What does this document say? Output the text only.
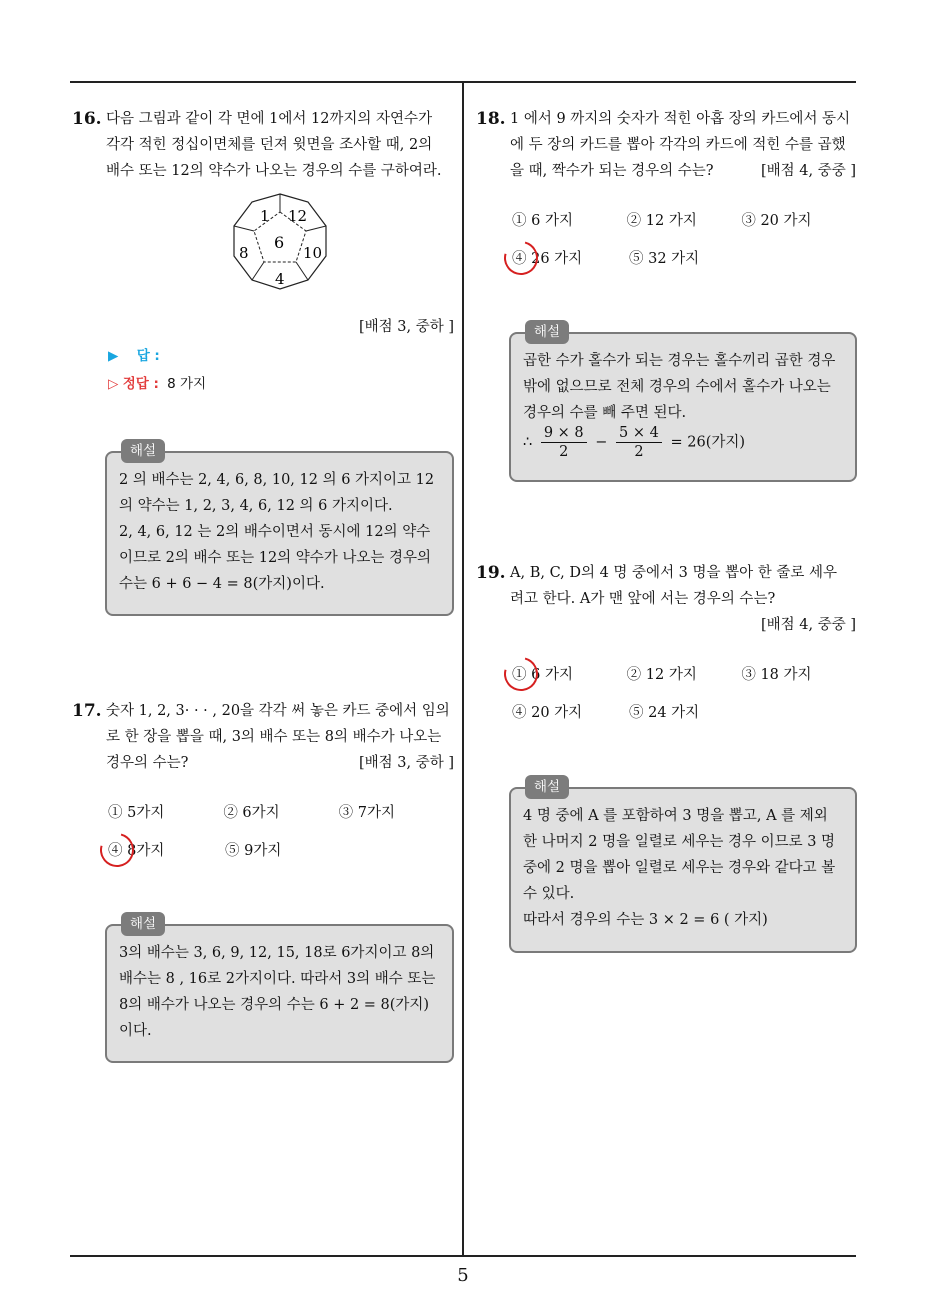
16. 다음 그림과 같이 각 면에 1에서 12까지의 자연수가
각각 적힌 정십이면체를 던져 윗면을 조사할 때, 2의
배수 또는 12의 약수가 나오는 경우의 수를 구하여라.
1 12
6
8	10
4
[배점 3, 중하 ]
▶ 답 :
▷ 정답 : 8 가지
해설
2 의 배수는 2, 4, 6, 8, 10, 12 의 6 가지이고 12
의 약수는 1, 2, 3, 4, 6, 12 의 6 가지이다.
2, 4, 6, 12 는 2의 배수이면서 동시에 12의 약수
이므로 2의 배수 또는 12의 약수가 나오는 경우의
수는 6 + 6 − 4 = 8(가지)이다.
17. 숫자 1, 2, 3· · · , 20을 각각 써 놓은 카드 중에서 임의
로 한 장을 뽑을 때, 3의 배수 또는 8의 배수가 나오는
경우의 수는?	[배점 3, 중하 ]
① 5가지	② 6가지	③ 7가지
④ 8가지	⑤ 9가지
해설
3의 배수는 3, 6, 9, 12, 15, 18로 6가지이고 8의
배수는 8 , 16로 2가지이다. 따라서 3의 배수 또는
8의 배수가 나오는 경우의 수는 6 + 2 = 8(가지)
이다.
18. 1 에서 9 까지의 숫자가 적힌 아홉 장의 카드에서 동시
에 두 장의 카드를 뽑아 각각의 카드에 적힌 수를 곱했
을 때, 짝수가 되는 경우의 수는?	[배점 4, 중중 ]
① 6 가지	② 12 가지	③ 20 가지
④ 26 가지	⑤ 32 가지
해설
곱한 수가 홀수가 되는 경우는 홀수끼리 곱한 경우
밖에 없으므로 전체 경우의 수에서 홀수가 나오는
경우의 수를 빼 주면 된다.
∴ $\frac{9 \times 8}{2} - \frac{5 \times 4}{2} = 26$(가지)
19. A, B, C, D의 4 명 중에서 3 명을 뽑아 한 줄로 세우
려고 한다. A가 맨 앞에 서는 경우의 수는?
[배점 4, 중중 ]
① 6 가지	② 12 가지	③ 18 가지
④ 20 가지	⑤ 24 가지
해설
4 명 중에 A 를 포함하여 3 명을 뽑고, A 를 제외
한 나머지 2 명을 일렬로 세우는 경우 이므로 3 명
중에 2 명을 뽑아 일렬로 세우는 경우와 같다고 볼
수 있다.
따라서 경우의 수는 3 × 2 = 6 ( 가지)
5
